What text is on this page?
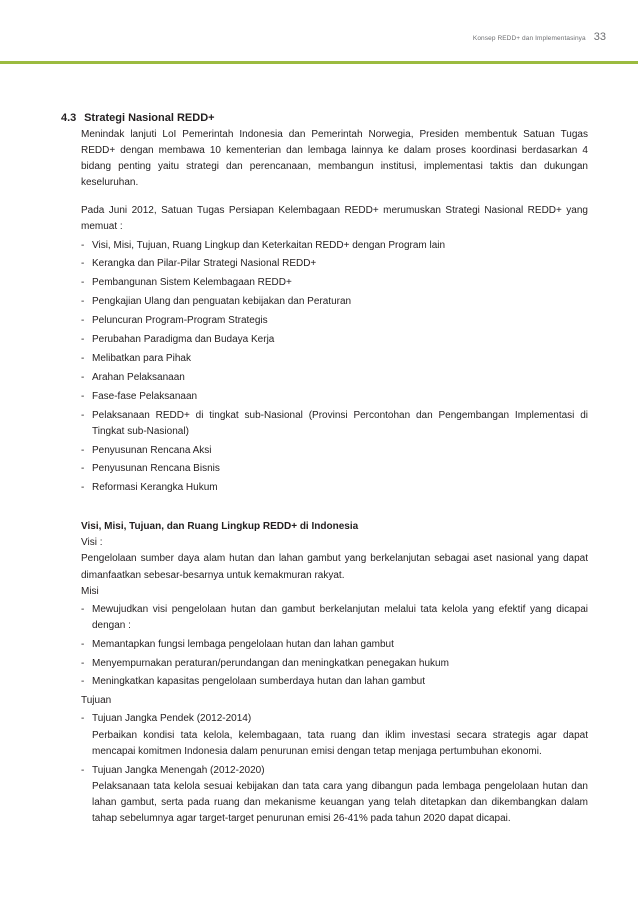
Konsep REDD+ dan Implementasinya 33
4.3 Strategi Nasional REDD+

Menindak lanjuti LoI Pemerintah Indonesia dan Pemerintah Norwegia, Presiden membentuk Satuan Tugas REDD+ dengan membawa 10 kementerian dan lembaga lainnya ke dalam proses koordinasi berdasarkan 4 bidang penting yaitu strategi dan perencanaan, membangun institusi, implementasi taktis dan dukungan keseluruhan.

Pada Juni 2012, Satuan Tugas Persiapan Kelembagaan REDD+ merumuskan Strategi Nasional REDD+ yang memuat :

- Visi, Misi, Tujuan, Ruang Lingkup dan Keterkaitan REDD+ dengan Program lain
- Kerangka dan Pilar-Pilar Strategi Nasional REDD+
- Pembangunan Sistem Kelembagaan REDD+
- Pengkajian Ulang dan penguatan kebijakan dan Peraturan
- Peluncuran Program-Program Strategis
- Perubahan Paradigma dan Budaya Kerja
- Melibatkan para Pihak
- Arahan Pelaksanaan
- Fase-fase Pelaksanaan
- Pelaksanaan REDD+ di tingkat sub-Nasional (Provinsi Percontohan dan Pengembangan Implementasi di Tingkat sub-Nasional)
- Penyusunan Rencana Aksi
- Penyusunan Rencana Bisnis
- Reformasi Kerangka Hukum

Visi, Misi, Tujuan, dan Ruang Lingkup REDD+ di Indonesia

Visi :

Pengelolaan sumber daya alam hutan dan lahan gambut yang berkelanjutan sebagai aset nasional yang dapat dimanfaatkan sebesar-besarnya untuk kemakmuran rakyat.

Misi

- Mewujudkan visi pengelolaan hutan dan gambut berkelanjutan melalui tata kelola yang efektif yang dicapai dengan :
- Memantapkan fungsi lembaga pengelolaan hutan dan lahan gambut
- Menyempurnakan peraturan/perundangan dan meningkatkan penegakan hukum
- Meningkatkan kapasitas pengelolaan sumberdaya hutan dan lahan gambut

Tujuan

- Tujuan Jangka Pendek (2012-2014)
Perbaikan kondisi tata kelola, kelembagaan, tata ruang dan iklim investasi secara strategis agar dapat mencapai komitmen Indonesia dalam penurunan emisi dengan tetap menjaga pertumbuhan ekonomi.
- Tujuan Jangka Menengah (2012-2020)
Pelaksanaan tata kelola sesuai kebijakan dan tata cara yang dibangun pada lembaga pengelolaan hutan dan lahan gambut, serta pada ruang dan mekanisme keuangan yang telah ditetapkan dan dikembangkan dalam tahap sebelumnya agar target-target penurunan emisi 26-41% pada tahun 2020 dapat dicapai.
